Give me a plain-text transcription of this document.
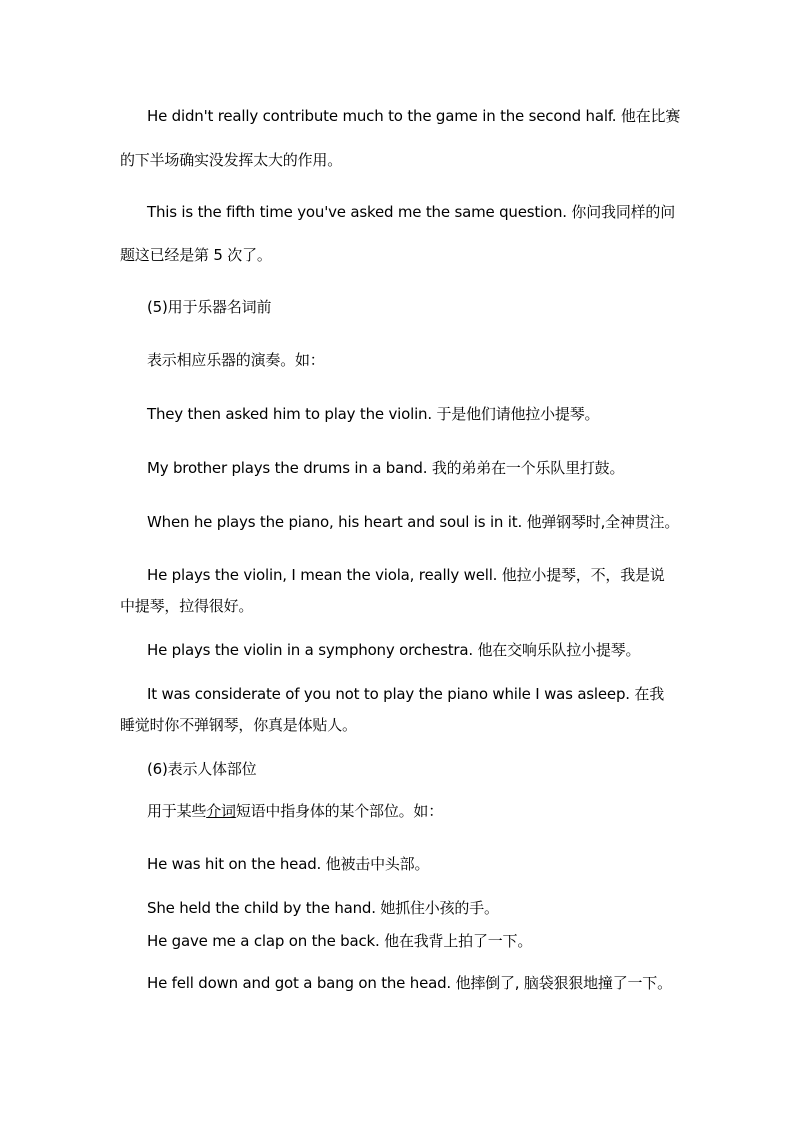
He didn't really contribute much to the game in the second half. 他在比赛
的下半场确实没发挥太大的作用。
This is the fifth time you've asked me the same question. 你问我同样的问
题这已经是第 5 次了。
(5)用于乐器名词前
表示相应乐器的演奏。如：
They then asked him to play the violin. 于是他们请他拉小提琴。
My brother plays the drums in a band. 我的弟弟在一个乐队里打鼓。
When he plays the piano, his heart and soul is in it. 他弹钢琴时,全神贯注。
He plays the violin, I mean the viola, really well. 他拉小提琴，不，我是说
中提琴，拉得很好。
He plays the violin in a symphony orchestra. 他在交响乐队拉小提琴。
It was considerate of you not to play the piano while I was asleep. 在我
睡觉时你不弹钢琴，你真是体贴人。
(6)表示人体部位
用于某些介词短语中指身体的某个部位。如：
He was hit on the head. 他被击中头部。
She held the child by the hand. 她抓住小孩的手。
He gave me a clap on the back. 他在我背上拍了一下。
He fell down and got a bang on the head. 他摔倒了, 脑袋狠狠地撞了一下。
